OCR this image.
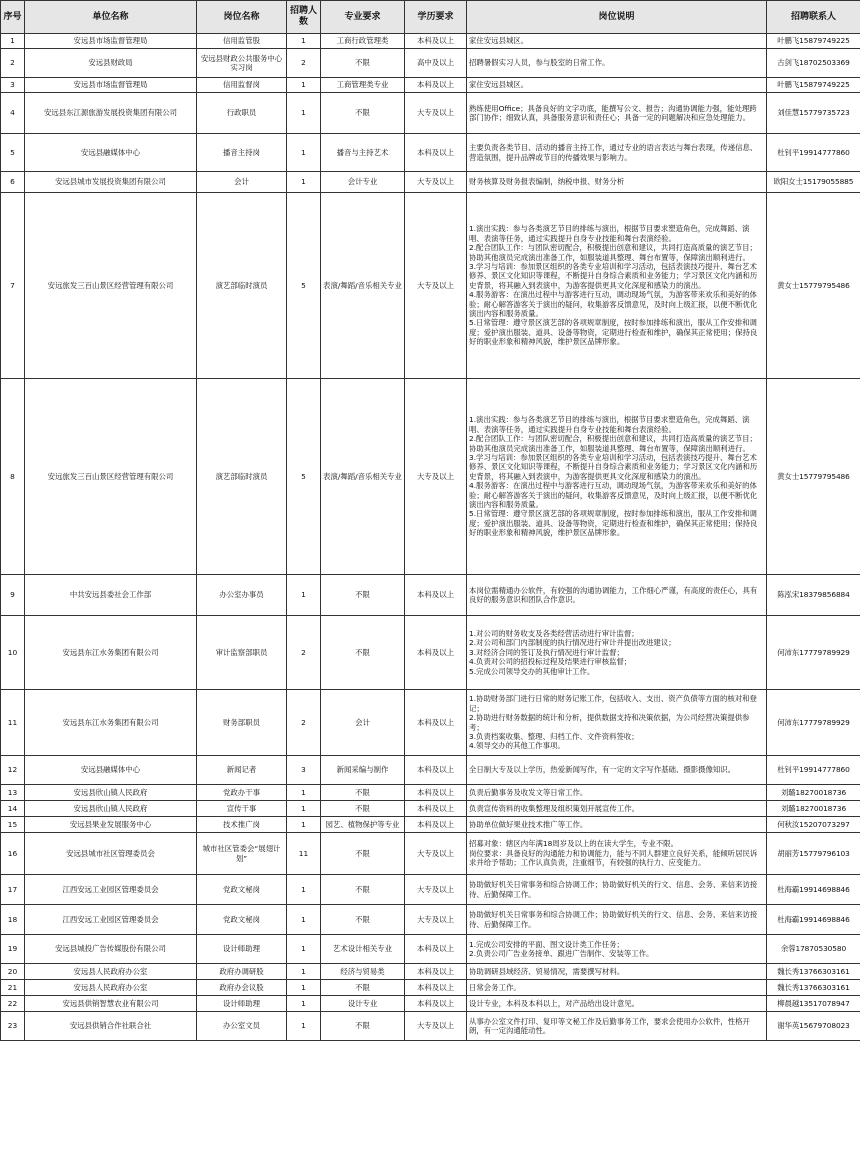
序号	单位名称	岗位名称	招聘人数	专业要求	学历要求	岗位说明	招聘联系人
1	安远县市场监督管理局	信用监管股	1	工商行政管理类	本科及以上	家住安远县城区。	叶鹏飞15879749225
2	安远县财政局	安远县财政公共服务中心实习岗	2	不限	高中及以上	招聘暑假实习人员，参与股室的日常工作。	古剑飞18702503369
3	安远县市场监督管理局	信用监督岗	1	工商管理类专业	本科及以上	家住安远县城区。	叶鹏飞15879749225
4	安远县东江源旅游发展投资集团有限公司	行政职员	1	不限	大专及以上	熟练使用Office；具备良好的文字功底，能撰写公文、报告；沟通协调能力强，能处理跨部门协作；细致认真，具备服务意识和责任心；具备一定的问题解决和应急处理能力。	刘佳慧15779735723
5	安远县融媒体中心	播音主持岗	1	播音与主持艺术	本科及以上	主要负责各类节目、活动的播音主持工作，通过专业的语言表达与舞台表现，传递信息、营造氛围，提升品牌或节目的传播效果与影响力。	杜钊平19914777860
6	安远县城市发展投资集团有限公司	会计	1	会计专业	大专及以上	财务核算及财务报表编制，纳税申报、财务分析	欧阳女士15179055885
7	安远旅发三百山景区经营管理有限公司	演艺部临时演员	5	表演/舞蹈/音乐相关专业	大专及以上	1.演出实践：参与各类演艺节目的排练与演出，根据节目要求塑造角色，完成舞蹈、演唱、表演等任务，通过实践提升自身专业技能和舞台表演经验。
2.配合团队工作：与团队密切配合，积极提出创意和建议，共同打造高质量的演艺节目；协助其他演员完成演出准备工作，如服装道具整理、舞台布置等，保障演出顺利进行。
3.学习与培训：参加景区组织的各类专业培训和学习活动，包括表演技巧提升、舞台艺术修养、景区文化知识等课程，不断提升自身综合素质和业务能力；学习景区文化内涵和历史背景，将其融入到表演中，为游客提供更具文化深度和感染力的演出。
4.服务游客：在演出过程中与游客进行互动，调动现场气氛，为游客带来欢乐和美好的体验；耐心解答游客关于演出的疑问，收集游客反馈意见，及时向上级汇报，以便不断优化演出内容和服务质量。
5.日常管理：遵守景区演艺部的各项规章制度，按时参加排练和演出，服从工作安排和调度；爱护演出服装、道具、设备等物资，定期进行检查和维护，确保其正常使用；保持良好的职业形象和精神风貌，维护景区品牌形象。	黄女士15779795486
8	安远旅发三百山景区经营管理有限公司	演艺部临时演员	5	表演/舞蹈/音乐相关专业	大专及以上	1.演出实践：参与各类演艺节目的排练与演出，根据节目要求塑造角色，完成舞蹈、演唱、表演等任务，通过实践提升自身专业技能和舞台表演经验。
2.配合团队工作：与团队密切配合，积极提出创意和建议，共同打造高质量的演艺节目；协助其他演员完成演出准备工作，如服装道具整理、舞台布置等，保障演出顺利进行。
3.学习与培训：参加景区组织的各类专业培训和学习活动，包括表演技巧提升、舞台艺术修养、景区文化知识等课程，不断提升自身综合素质和业务能力；学习景区文化内涵和历史背景，将其融入到表演中，为游客提供更具文化深度和感染力的演出。
4.服务游客：在演出过程中与游客进行互动，调动现场气氛，为游客带来欢乐和美好的体验；耐心解答游客关于演出的疑问，收集游客反馈意见，及时向上级汇报，以便不断优化演出内容和服务质量。
5.日常管理：遵守景区演艺部的各项规章制度，按时参加排练和演出，服从工作安排和调度；爱护演出服装、道具、设备等物资，定期进行检查和维护，确保其正常使用；保持良好的职业形象和精神风貌，维护景区品牌形象。	黄女士15779795486
9	中共安远县委社会工作部	办公室办事员	1	不限	本科及以上	本岗位需精通办公软件，有较强的沟通协调能力，工作细心严谨，有高度的责任心，具有良好的服务意识和团队合作意识。	陈泓宋18379856884
10	安远县东江水务集团有限公司	审计监察部职员	2	不限	本科及以上	1.对公司的财务收支及各类经营活动进行审计监督；
2.对公司和部门内部制度的执行情况进行审计并提出改进建议；
3.对经济合同的签订及执行情况进行审计监督；
4.负责对公司的招投标过程及结果进行审核监督；
5.完成公司领导交办的其他审计工作。	何沛东17779789929
11	安远县东江水务集团有限公司	财务部职员	2	会计	本科及以上	1.协助财务部门进行日常的财务记账工作，包括收入、支出、资产负债等方面的核对和登记；
2.协助进行财务数据的统计和分析，提供数据支持和决策依据，为公司经营决策提供参考；
3.负责档案收集、整理、归档工作、文件资料签收；
4.领导交办的其他工作事项。	何沛东17779789929
12	安远县融媒体中心	新闻记者	3	新闻采编与制作	本科及以上	全日制大专及以上学历，热爱新闻写作，有一定的文字写作基础、摄影摄像知识。	杜钊平19914777860
13	安远县欣山镇人民政府	党政办干事	1	不限	本科及以上	负责后勤事务及收发文等日常工作。	刘璐18270018736
14	安远县欣山镇人民政府	宣传干事	1	不限	本科及以上	负责宣传资料的收集整理及组织策划开展宣传工作。	刘璐18270018736
15	安远县果业发展服务中心	技术推广岗	1	园艺、植物保护等专业	本科及以上	协助单位做好果业技术推广等工作。	何秋汝15207073297
16	安远县城市社区管理委员会	城市社区管委会“展翅计划”	11	不限	大专及以上	招募对象：辖区内年满18周岁及以上的在读大学生，专业不限。
岗位要求：具备良好的沟通能力和协调能力，能与不同人群建立良好关系，能倾听居民诉求并给予帮助；工作认真负责，注重细节，有较强的执行力、应变能力。	胡丽芳15779796103
17	江西安远工业园区管理委员会	党政文秘岗	1	不限	大专及以上	协助做好机关日常事务和综合协调工作；协助做好机关的行文、信息、会务、来信来访接待、后勤保障工作。	杜海霸19914698846
18	江西安远工业园区管理委员会	党政文秘岗	1	不限	大专及以上	协助做好机关日常事务和综合协调工作；协助做好机关的行文、信息、会务、来信来访接待、后勤保障工作。	杜海霸19914698846
19	安远县城投广告传媒股份有限公司	设计师助理	1	艺术设计相关专业	本科及以上	1.完成公司安排的平面、图文设计类工作任务；
2.负责公司广告业务接单、跟进广告制作、安装等工作。	余蓉17870530580
20	安远县人民政府办公室	政府办调研股	1	经济与贸易类	本科及以上	协助调研县域经济、贸易情况，需要撰写材料。	魏长秀13766303161
21	安远县人民政府办公室	政府办会议股	1	不限	本科及以上	日常会务工作。	魏长秀13766303161
22	安远县供销智慧农业有限公司	设计师助理	1	设计专业	本科及以上	设计专业，本科及本科以上，对产品给出设计意见。	柳晨越13517078947
23	安远县供销合作社联合社	办公室文员	1	不限	大专及以上	从事办公室文件打印、复印等文秘工作及后勤事务工作，要求会使用办公软件，性格开朗，有一定沟通能动性。	谢华英15679708023
